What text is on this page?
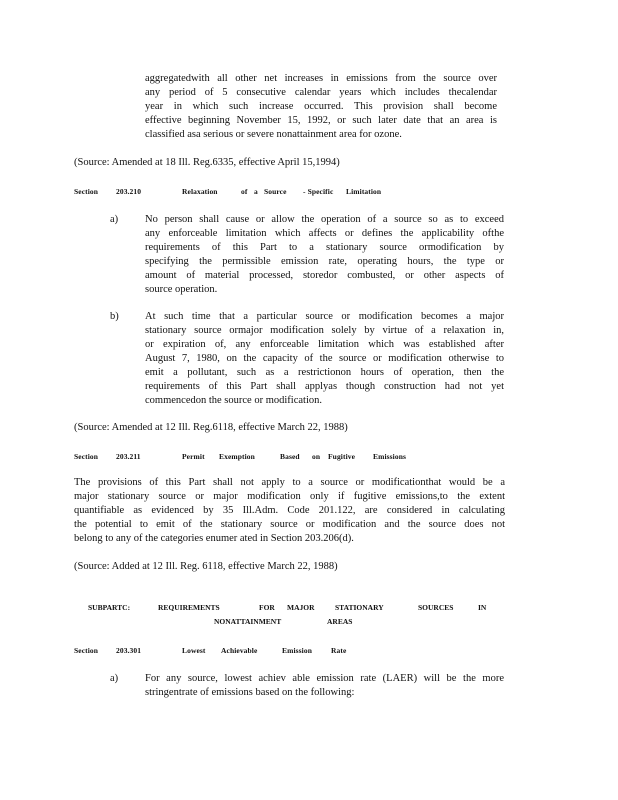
aggregatedwith all other net increases in emissions from the source over
any period of 5 consecutive calendar years which includes thecalendar
year in which such increase occurred. This provision shall become
effective beginning November 15, 1992, or such later date that an area is
classified asa serious or severe nonattainment area for ozone.
(Source: Amended at 18 Ill. Reg.6335, effective April 15,1994)
Section 203.210	Relaxation	of a Source - Specific Limitation
a)	No person shall cause or allow the operation of a source so as to exceed
any enforceable limitation which affects or defines the applicability ofthe
requirements of this Part to a stationary source ormodification by
specifying the permissible emission rate, operating hours, the type or
amount of material processed, storedor combusted, or other aspects of
source operation.
b)	At such time that a particular source or modification becomes a major
stationary source ormajor modification solely by virtue of a relaxation in,
or expiration of, any enforceable limitation which was established after
August 7, 1980, on the capacity of the source or modification otherwise to
emit a pollutant, such as a restrictionon hours of operation, then the
requirements of this Part shall applyas though construction had not yet
commencedon the source or modification.
(Source: Amended at 12 Ill. Reg.6118, effective March 22, 1988)
Section 203.211	Permit Exemption	Based on Fugitive Emissions
The provisions of this Part shall not apply to a source or modificationthat would be a
major stationary source or major modification only if fugitive emissions,to the extent
quantifiable as evidenced by 35 Ill.Adm. Code 201.122, are considered in calculating
the potential to emit of the stationary source or modification and the source does not
belong to any of the categories enumer ated in Section 203.206(d).
(Source: Added at 12 Ill. Reg. 6118, effective March 22, 1988)
SUBPARTC:	REQUIREMENTS	FOR MAJOR	STATIONARY	SOURCES	IN
NONATTAINMENT	AREAS
Section 203.301	Lowest Achievable	Emission	Rate
a)	For any source, lowest achiev able emission rate (LAER) will be the more
stringentrate of emissions based on the following:
